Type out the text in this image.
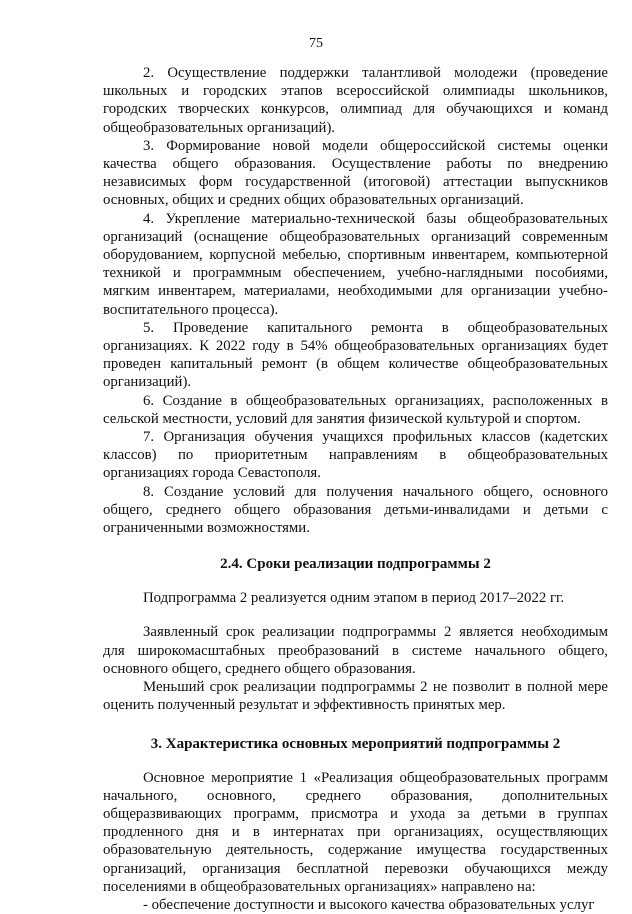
75

2. Осуществление поддержки талантливой молодежи (проведение школьных и городских этапов всероссийской олимпиады школьников, городских творческих конкурсов, олимпиад для обучающихся и команд общеобразовательных организаций).

3. Формирование новой модели общероссийской системы оценки качества общего образования. Осуществление работы по внедрению независимых форм государственной (итоговой) аттестации выпускников основных, общих и средних общих образовательных организаций.

4. Укрепление материально-технической базы общеобразовательных организаций (оснащение общеобразовательных организаций современным оборудованием, корпусной мебелью, спортивным инвентарем, компьютерной техникой и программным обеспечением, учебно-наглядными пособиями, мягким инвентарем, материалами, необходимыми для организации учебно-воспитательного процесса).

5. Проведение капитального ремонта в общеобразовательных организациях. К 2022 году в 54% общеобразовательных организациях будет проведен капитальный ремонт (в общем количестве общеобразовательных организаций).

6. Создание в общеобразовательных организациях, расположенных в сельской местности, условий для занятия физической культурой и спортом.

7. Организация обучения учащихся профильных классов (кадетских классов) по приоритетным направлениям в общеобразовательных организациях города Севастополя.

8. Создание условий для получения начального общего, основного общего, среднего общего образования детьми-инвалидами и детьми с ограниченными возможностями.

2.4. Сроки реализации подпрограммы 2

Подпрограмма 2 реализуется одним этапом в период 2017–2022 гг.

Заявленный срок реализации подпрограммы 2 является необходимым для широкомасштабных преобразований в системе начального общего, основного общего, среднего общего образования.

Меньший срок реализации подпрограммы 2 не позволит в полной мере оценить полученный результат и эффективность принятых мер.

3. Характеристика основных мероприятий подпрограммы 2

Основное мероприятие 1 «Реализация общеобразовательных программ начального, основного, среднего образования, дополнительных общеразвивающих программ, присмотра и ухода за детьми в группах продленного дня и в интернатах при организациях, осуществляющих образовательную деятельность, содержание имущества государственных организаций, организация бесплатной перевозки обучающихся между поселениями в общеобразовательных организациях» направлено на:

- обеспечение доступности и высокого качества образовательных услуг
